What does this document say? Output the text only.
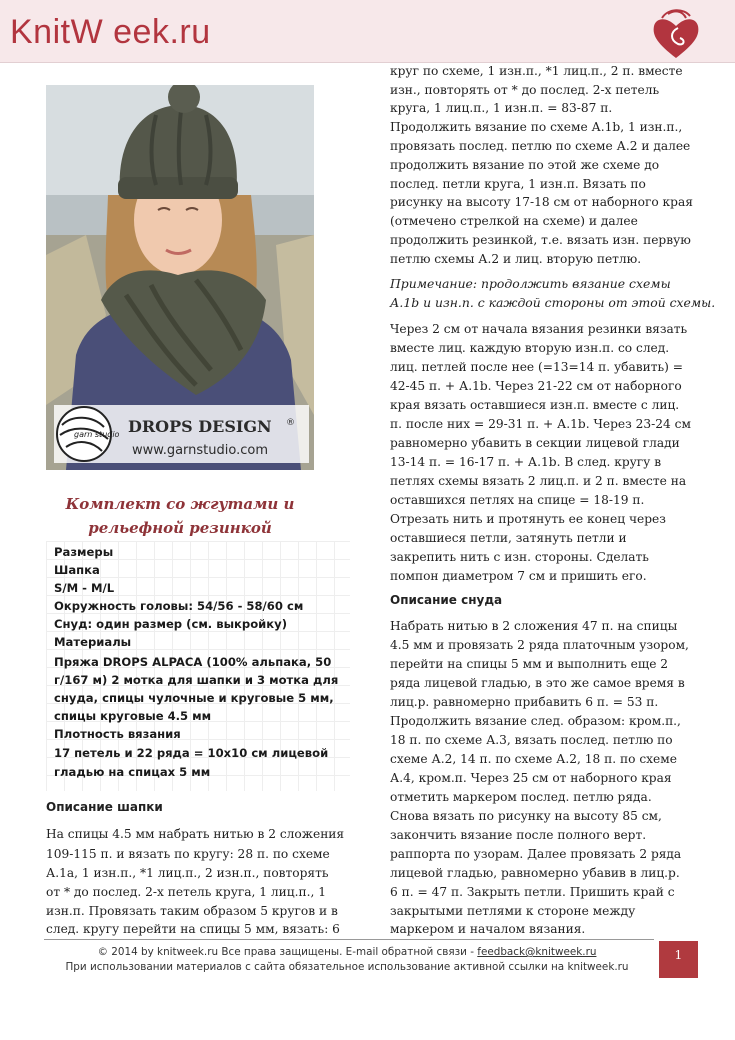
KnitW eek.ru
garn studio DROPS DESIGN ®
www.garnstudio.com
Комплект со жгутами и
рельефной резинкой
Размеры
Шапка
S/M - M/L
Окружность головы: 54/56 - 58/60 см
Снуд: один размер (см. выкройку)
Материалы
Пряжа DROPS ALPACA (100% альпака, 50
г/167 м) 2 мотка для шапки и 3 мотка для
снуда, спицы чулочные и круговые 5 мм,
спицы круговые 4.5 мм
Плотность вязания
17 петель и 22 ряда = 10х10 см лицевой
гладью на спицах 5 мм
Описание шапки
На спицы 4.5 мм набрать нитью в 2 сложения
109-115 п. и вязать по кругу: 28 п. по схеме
А.1а, 1 изн.п., *1 лиц.п., 2 изн.п., повторять
от * до послед. 2-х петель круга, 1 лиц.п., 1
изн.п. Провязать таким образом 5 кругов и в
след. кругу перейти на спицы 5 мм, вязать: 6
круг по схеме, 1 изн.п., *1 лиц.п., 2 п. вместе
изн., повторять от * до послед. 2-х петель
круга, 1 лиц.п., 1 изн.п. = 83-87 п.
Продолжить вязание по схеме А.1b, 1 изн.п.,
провязать послед. петлю по схеме А.2 и далее
продолжить вязание по этой же схеме до
послед. петли круга, 1 изн.п. Вязать по
рисунку на высоту 17-18 см от наборного края
(отмечено стрелкой на схеме) и далее
продолжить резинкой, т.е. вязать изн. первую
петлю схемы А.2 и лиц. вторую петлю.
Примечание: продолжить вязание схемы
А.1b и изн.п. с каждой стороны от этой схемы.
Через 2 см от начала вязания резинки вязать
вместе лиц. каждую вторую изн.п. со след.
лиц. петлей после нее (=13=14 п. убавить) =
42-45 п. + А.1b. Через 21-22 см от наборного
края вязать оставшиеся изн.п. вместе с лиц.
п. после них = 29-31 п. + А.1b. Через 23-24 см
равномерно убавить в секции лицевой глади
13-14 п. = 16-17 п. + А.1b. В след. кругу в
петлях схемы вязать 2 лиц.п. и 2 п. вместе на
оставшихся петлях на спице = 18-19 п.
Отрезать нить и протянуть ее конец через
оставшиеся петли, затянуть петли и
закрепить нить с изн. стороны. Сделать
помпон диаметром 7 см и пришить его.
Описание снуда
Набрать нитью в 2 сложения 47 п. на спицы
4.5 мм и провязать 2 ряда платочным узором,
перейти на спицы 5 мм и выполнить еще 2
ряда лицевой гладью, в это же самое время в
лиц.р. равномерно прибавить 6 п. = 53 п.
Продолжить вязание след. образом: кром.п.,
18 п. по схеме А.3, вязать послед. петлю по
схеме А.2, 14 п. по схеме А.2, 18 п. по схеме
А.4, кром.п. Через 25 см от наборного края
отметить маркером послед. петлю ряда.
Снова вязать по рисунку на высоту 85 см,
закончить вязание после полного верт.
раппорта по узорам. Далее провязать 2 ряда
лицевой гладью, равномерно убавив в лиц.р.
6 п. = 47 п. Закрыть петли. Пришить край с
закрытыми петлями к стороне между
маркером и началом вязания.
© 2014 by knitweek.ru Все права защищены. E-mail обратной связи - feedback@knitweek.ru
При использовании материалов с сайта обязательное использование активной ссылки на knitweek.ru
1
